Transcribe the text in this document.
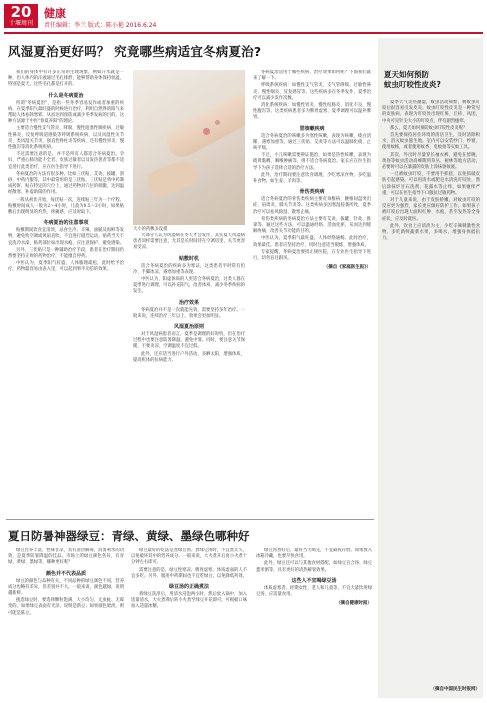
20
十堰周刊
健康
责任编辑：李兰 版式：陈小艳 2016.6.24
风湿夏治更好吗？ 究竟哪些病适宜冬病夏治?

我们的身体中有许多正常的生理现象，例如汗水就是一种，但人体内的汗液通过毛孔排泄，能够帮助身体保持恒温，特别是夏天，这些毛孔都是打开的。

什么是冬病夏治

所谓"冬病夏治"，是指一些冬季容易发作或者加重的疾病，在夏季阳气最旺盛的时候进行治疗，利用自然界的阳气来帮助人体祛除寒邪，从而达到预防或减少冬季发病的目的。这种方法源于中医"春夏养阳"的理论。

主要适合慢性支气管炎、哮喘、慢性阻塞性肺疾病、过敏性鼻炎、反复呼吸道感染等呼吸系统疾病，以及风湿性关节炎、类风湿关节炎、强直性脊柱炎等疾病，还有慢性胃炎、慢性腹泻等消化系统疾病。

不过需要注意的是，并不是所有人都适合冬病夏治。孕妇、严重心肺功能不全者、皮肤过敏者以及发热患者等都不适宜进行此类治疗，应在医生指导下进行。

冬病夏治的方法有很多种，比如三伏贴、艾灸、拔罐、刮痧、中药内服等，其中最常用的是三伏贴。三伏贴是将中药制成药饼，贴在特定的穴位上，通过药物对穴位的刺激，达到温经散寒、补虚助阳的作用。

一般从初伏开始，每伏贴一次，连续贴三年为一个疗程。贴敷时间成人一般为2～4小时，儿童为0.5～2小时，如果贴敷后出现明显的灼热、疼痛感，应及时取下。

冬病夏治的注意事项

贴敷期间饮食宜清淡，忌食生冷、辛辣、油腻及海鲜等发物，避免吹空调或风扇直吹，不宜进行剧烈运动。贴药当天不宜洗冷水澡，贴药部位如出现水疱，应注意保护，避免感染。

另外，三伏贴只是一种辅助治疗手段，患者在治疗期间仍然要坚持正规的药物治疗，不能擅自停药。

中医认为，夏季阳气旺盛，人体腠理疏松，此时给予治疗，药物最容易由表入里，可以起到事半功倍的效果。

大小的药敷多没摸

大部分人认为风湿病在冬天才会发作，其实夏天风湿病患者同样需要注意，尤其是长时间待在空调房里，关节更容易受凉。

贴敷时机

适合冬病夏治的疾病多为寒证，这类患者平时常有怕冷、手脚冰凉、遇寒加重等表现。

中医认为，阳虚体质的人更适合冬病夏治，这类人群在夏季进行调理，可以补充阳气，改善体质，减少冬季疾病的发生。

治疗效果

冬病夏治并不是一次就能见效，需要坚持多年治疗。一般来说，连续治疗三年以上，效果会更加明显。

风湿夏治原则

对于风湿病患者而言，夏季是调理的好时机，但在治疗过程中也要注意防暑降温，避免中暑。同时，要注意关节保暖，不要贪凉，空调温度不宜过低。

此外，还应适当进行户外活动，多晒太阳，增强体质，提高机体的抗病能力。

冬病夏治适用于哪些疾病，治疗效果如何呢？下面我们就来了解一下。

呼吸系统疾病：如慢性支气管炎、支气管哮喘、过敏性鼻炎、慢性咽炎、反复感冒等。这些疾病多在冬季发作，夏季治疗可以减少发作次数。

消化系统疾病：如慢性胃炎、慢性结肠炎、消化不良、慢性腹泻等。这类疾病患者多为脾胃虚寒，夏季调理可以温补脾胃。

冒咳嗽疾病

适合冬病夏治的咳嗽多为寒性咳嗽，表现为咳嗽、痰白清稀、遇寒加重等，通过三伏贴、艾灸等方法可以温肺化痰、止咳平喘。

不过，小儿咳嗽需要辨证施治，如果是热性咳嗽，表现为痰黄黏稠、咽喉肿痛等，则不适合冬病夏治。家长应在医生指导下为孩子选择合适的治疗方法。

此外，治疗期间要注意饮食调理，少吃寒凉食物，多吃温补食物，如生姜、羊肉等。

骨伤类疾病

适合冬病夏治的骨伤类疾病主要有颈椎病、腰椎间盘突出症、肩周炎、膝关节炎等。这类疾病多因寒湿侵袭所致，夏季治疗可以祛风除湿、散寒止痛。

骨伤类疾病的冬病夏治方法主要有艾灸、拔罐、针灸、推拿等。通过这些方法，可以温通经络、活血化瘀，从而达到缓解疼痛、改善关节功能的目的。

中医认为，夏季阳气最旺盛，人体经络通畅，此时治疗，效果最佳。患者应坚持治疗，同时注意适当锻炼，增强体质。

专家提醒，冬病夏治要找正规医院，在专业医生指导下进行，切勿盲目跟风。

（摘自《家庭医生报》）
夏天如何预防
蚊虫叮咬性皮炎?

夏季天气炎热潮湿，蚊虫活动频繁，被蚊虫叮咬后很容易引发皮炎。蚊虫叮咬性皮炎是一种常见的皮肤病，表现为叮咬处出现红斑、丘疹、风团，中央可见针尖大小的叮咬点，伴有剧烈瘙痒。

那么，夏天如何预防蚊虫叮咬性皮炎呢？

首先要保持居住环境的清洁卫生，及时清除积水，消灭蚊虫滋生地。室内可以安装纱门、纱窗，使用蚊帐，或者使用蚊香、电蚊拍等灭蚊工具。

其次，外出时尽量穿长袖衣裤，避免在傍晚、黄昏等蚊虫活动高峰期到草丛、树林等地方活动。必要时可以在暴露的皮肤上涂抹驱蚊液。

一旦被蚊虫叮咬，不要用手抓挠，以免抓破皮肤引起感染。可以用清水或肥皂水清洗叮咬处，然后涂抹炉甘石洗剂、花露水等止痒。如果瘙痒严重，可以在医生指导下口服抗过敏药物。

对于儿童来说，由于皮肤娇嫩，对蚊虫叮咬的反应更为强烈，家长更应做好防护工作。如果孩子被叮咬后出现大面积红肿、水疱，甚至发热等全身症状，应及时就医。

此外，饮食上应清淡为主，少吃辛辣刺激性食物，多吃新鲜蔬菜水果，多喝水，增强身体抵抗力。

（摘自中国民生时报网）
夏日防暑神器绿豆：青绿、黄绿、墨绿色哪种好

绿豆营养丰富，性味甘凉，具有清热解毒、消暑利水的功效，是夏季防暑降温的佳品。市场上的绿豆颜色各异，有青绿、黄绿、墨绿等，哪种更好呢？

颜色并不代表品质

绿豆的颜色与品种有关，不同品种的绿豆颜色不同，营养成分也略有差异，但差别并不大。一般来说，颜色越绿，说明越新鲜。

挑选绿豆时，要选择颗粒饱满、大小均匀、无虫蛀、无霉变的。如果绿豆表面有光泽，说明是新豆；如果颜色暗淡，则可能是陈豆。

绿豆最好的吃法是煮绿豆汤。煮绿豆汤时，不宜煮太久，以免破坏其中的营养成分。一般来说，大火煮开后再小火煮十分钟左右即可。

需要注意的是，绿豆性寒凉，脾胃虚寒、体质虚弱的人不宜多吃。另外，服用中药期间也不宜吃绿豆，以免降低药效。

绿豆汤的正确煮法

将绿豆洗净后，用清水浸泡两小时，然后放入锅中，加入适量清水，大火煮沸后转小火煮至绿豆开花即可，可根据口味加入适量冰糖。

绿豆汤煮好后，最好当天喝完，不宜隔夜存放。如果放入冰箱冷藏，也要尽快食用。

此外，绿豆还可以与其他食材搭配，如绿豆百合汤、绿豆薏米粥等，具有更好的清热解暑效果。

这些人不宜喝绿豆汤

体质虚寒者、经期女性、老人和儿童等，不宜大量饮用绿豆汤，应适量食用。

（摘自健康时报）
